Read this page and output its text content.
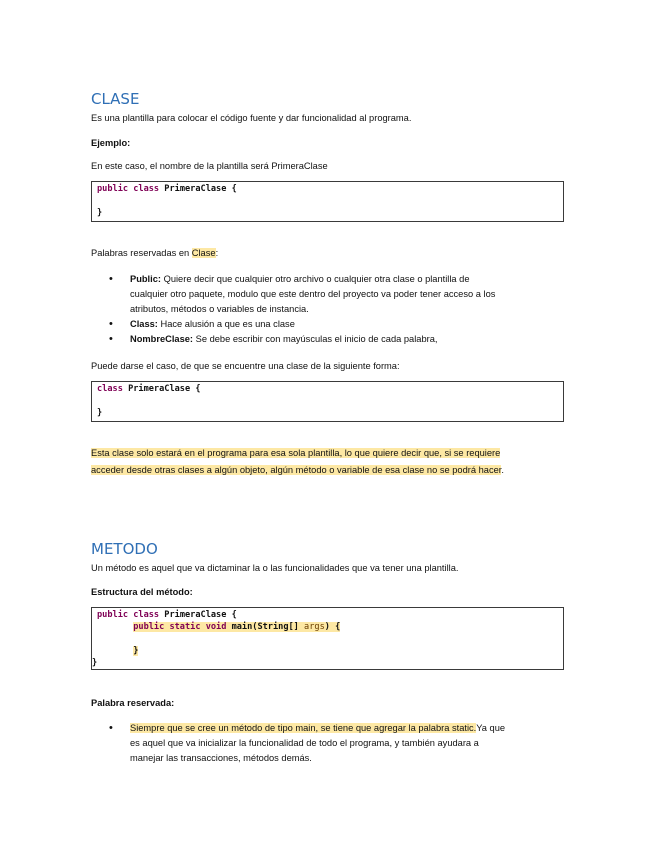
CLASE
Es una plantilla para colocar el código fuente y dar funcionalidad al programa.
Ejemplo:
En este caso, el nombre de la plantilla será PrimeraClase
public class PrimeraClase {

}
Palabras reservadas en Clase:
• Public: Quiere decir que cualquier otro archivo o cualquier otra clase o plantilla de
cualquier otro paquete, modulo que este dentro del proyecto va poder tener acceso a los
atributos, métodos o variables de instancia.
• Class: Hace alusión a que es una clase
• NombreClase: Se debe escribir con mayúsculas el inicio de cada palabra,
Puede darse el caso, de que se encuentre una clase de la siguiente forma:
class PrimeraClase {

}
Esta clase solo estará en el programa para esa sola plantilla, lo que quiere decir que, si se requiere
acceder desde otras clases a algún objeto, algún método o variable de esa clase no se podrá hacer.
METODO
Un método es aquel que va dictaminar la o las funcionalidades que va tener una plantilla.
Estructura del método:
public class PrimeraClase {
public static void main(String[] args) {

}
}
Palabra reservada:
• Siempre que se cree un método de tipo main, se tiene que agregar la palabra static.Ya que
es aquel que va inicializar la funcionalidad de todo el programa, y también ayudara a
manejar las transacciones, métodos demás.
